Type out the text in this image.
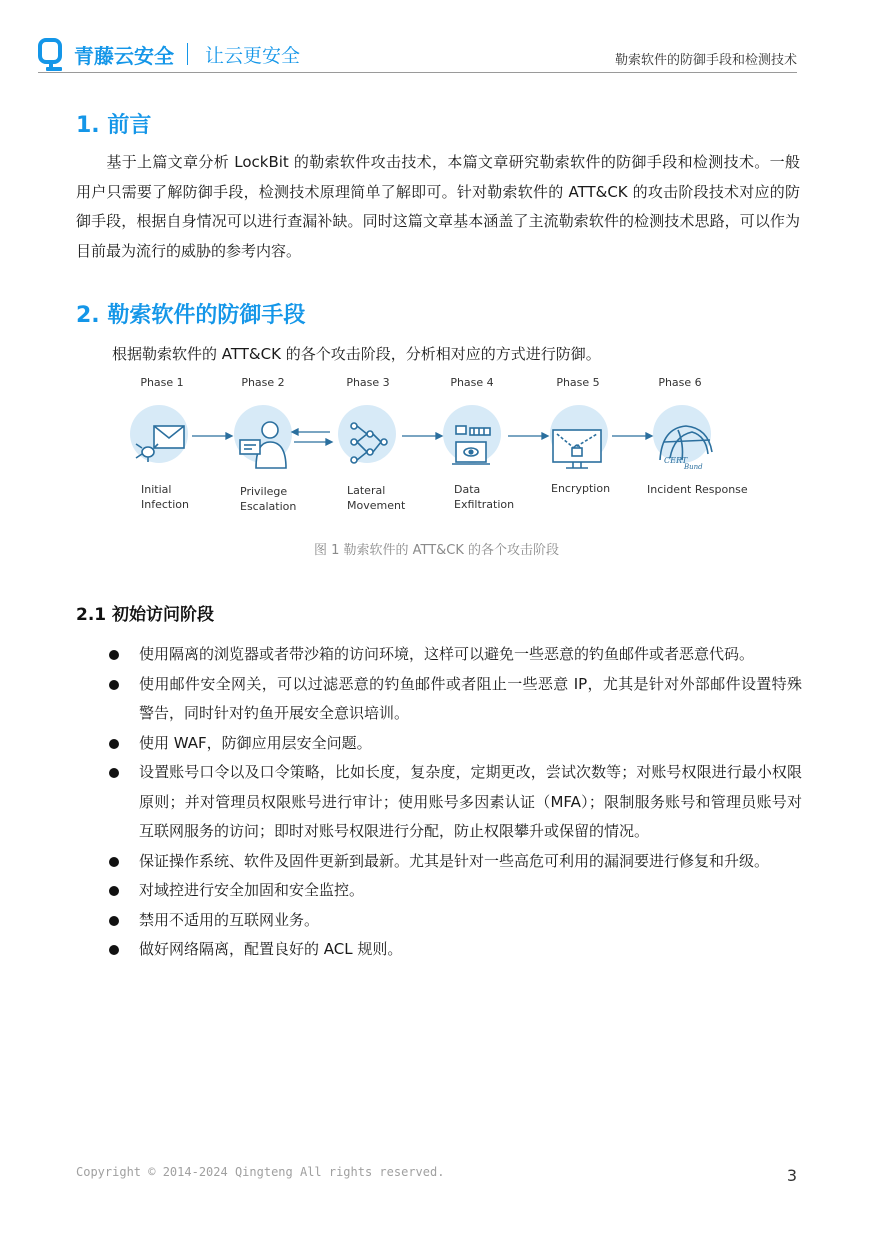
青藤云安全 让云更安全	勒索软件的防御手段和检测技术
1. 前言
基于上篇文章分析 LockBit 的勒索软件攻击技术，本篇文章研究勒索软件的防御手段和检测技术。一般用户只需要了解防御手段，检测技术原理简单了解即可。针对勒索软件的 ATT&CK 的攻击阶段技术对应的防御手段，根据自身情况可以进行查漏补缺。同时这篇文章基本涵盖了主流勒索软件的检测技术思路，可以作为目前最为流行的威胁的参考内容。
2. 勒索软件的防御手段
根据勒索软件的 ATT&CK 的各个攻击阶段，分析相对应的方式进行防御。
Phase 1	Phase 2	Phase 3	Phase 4	Phase 5	Phase 6
CERT
Bund
Initial
Infection
Privilege
Escalation
Lateral
Movement
Data
Exfiltration
Encryption	Incident Response
图 1 勒索软件的 ATT&CK 的各个攻击阶段
2.1 初始访问阶段
使用隔离的浏览器或者带沙箱的访问环境，这样可以避免一些恶意的钓鱼邮件或者恶意代码。
使用邮件安全网关，可以过滤恶意的钓鱼邮件或者阻止一些恶意 IP，尤其是针对外部邮件设置特殊警告，同时针对钓鱼开展安全意识培训。
使用 WAF，防御应用层安全问题。
设置账号口令以及口令策略，比如长度，复杂度，定期更改，尝试次数等；对账号权限进行最小权限原则；并对管理员权限账号进行审计；使用账号多因素认证（MFA）；限制服务账号和管理员账号对互联网服务的访问；即时对账号权限进行分配，防止权限攀升或保留的情况。
保证操作系统、软件及固件更新到最新。尤其是针对一些高危可利用的漏洞要进行修复和升级。
对域控进行安全加固和安全监控。
禁用不适用的互联网业务。
做好网络隔离，配置良好的 ACL 规则。
Copyright © 2014-2024 Qingteng All rights reserved.	3
